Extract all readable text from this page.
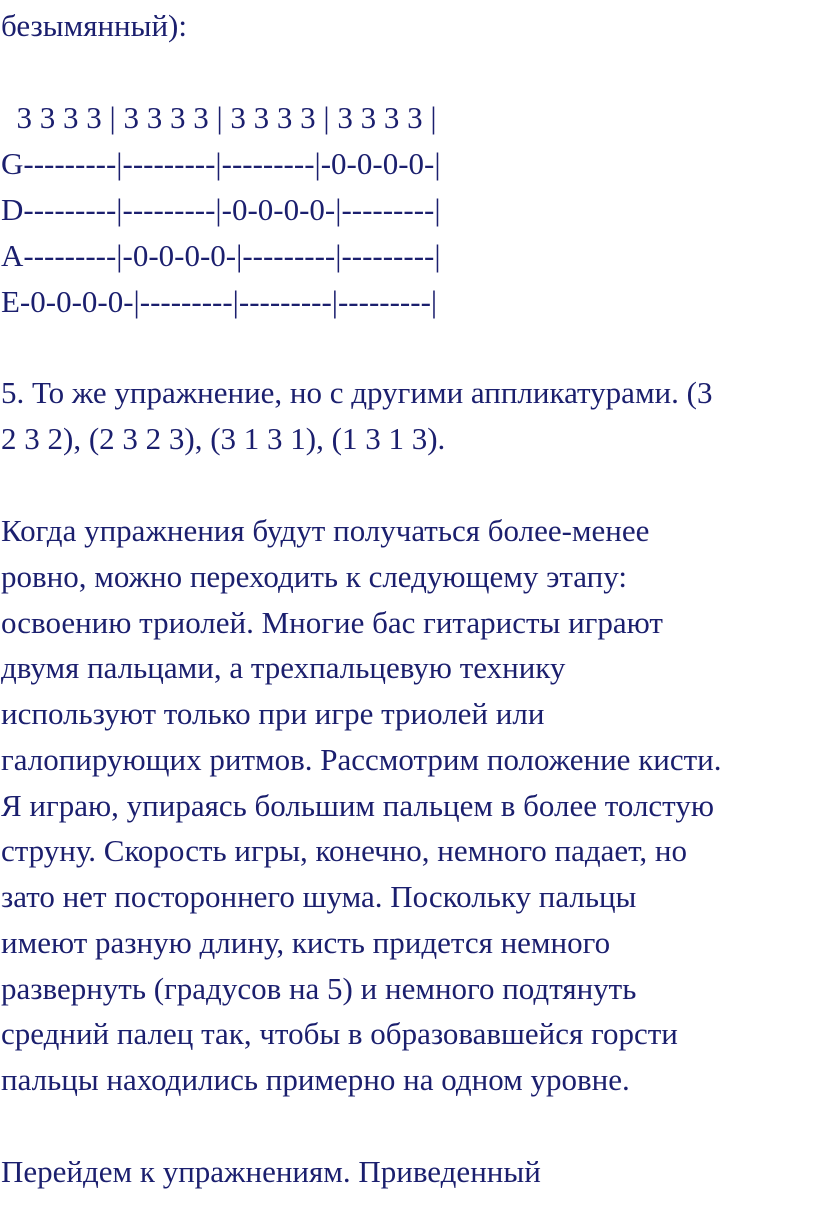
безымянный):

3 3 3 3 | 3 3 3 3 | 3 3 3 3 | 3 3 3 3 |

G---------|---------|---------|-0-0-0-0-|

D---------|---------|-0-0-0-0-|---------|

A---------|-0-0-0-0-|---------|---------|

E-0-0-0-0-|---------|---------|---------|

5. То же упражнение, но с другими аппликатурами. (3

2 3 2), (2 3 2 3), (3 1 3 1), (1 3 1 3).

Когда упражнения будут получаться более-менее

ровно, можно переходить к следующему этапу:

освоению триолей. Многие бас гитаристы играют

двумя пальцами, а трехпальцевую технику

используют только при игре триолей или

галопирующих ритмов. Рассмотрим положение кисти.

Я играю, упираясь большим пальцем в более толстую

струну. Скорость игры, конечно, немного падает, но

зато нет постороннего шума. Поскольку пальцы

имеют разную длину, кисть придется немного

развернуть (градусов на 5) и немного подтянуть

средний палец так, чтобы в образовавшейся горсти

пальцы находились примерно на одном уровне.

Перейдем к упражнениям. Приведенный
